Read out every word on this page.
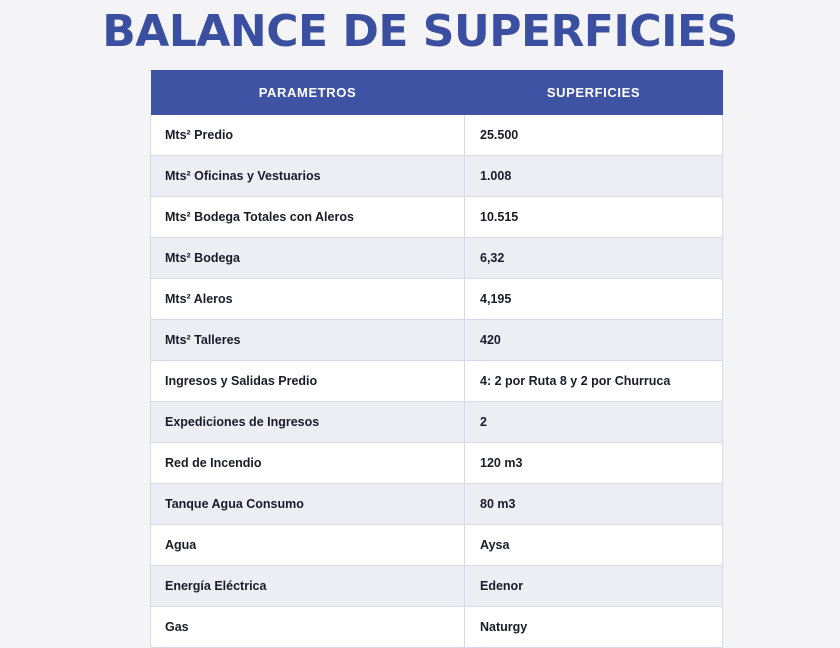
BALANCE DE SUPERFICIES
PARAMETROS	SUPERFICIES
Mts² Predio	25.500
Mts² Oficinas y Vestuarios	1.008
Mts² Bodega Totales con Aleros	10.515
Mts² Bodega	6,32
Mts² Aleros	4,195
Mts² Talleres	420
Ingresos y Salidas Predio	4: 2 por Ruta 8 y 2 por Churruca
Expediciones de Ingresos	2
Red de Incendio	120 m3
Tanque Agua Consumo	80 m3
Agua	Aysa
Energía Eléctrica	Edenor
Gas	Naturgy
